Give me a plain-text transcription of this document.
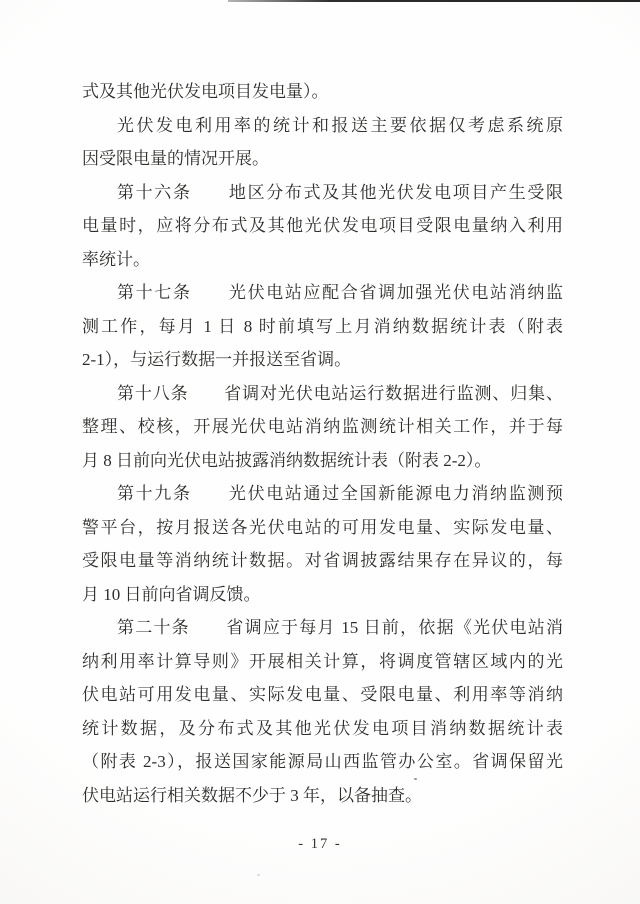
式及其他光伏发电项目发电量）。
光伏发电利用率的统计和报送主要依据仅考虑系统原
因受限电量的情况开展。
第十六条　　地区分布式及其他光伏发电项目产生受限
电量时，应将分布式及其他光伏发电项目受限电量纳入利用
率统计。
第十七条　　光伏电站应配合省调加强光伏电站消纳监
测工作，每月 1 日 8 时前填写上月消纳数据统计表（附表
2-1），与运行数据一并报送至省调。
第十八条　　省调对光伏电站运行数据进行监测、归集、
整理、校核，开展光伏电站消纳监测统计相关工作，并于每
月 8 日前向光伏电站披露消纳数据统计表（附表 2-2）。
第十九条　　光伏电站通过全国新能源电力消纳监测预
警平台，按月报送各光伏电站的可用发电量、实际发电量、
受限电量等消纳统计数据。对省调披露结果存在异议的，每
月 10 日前向省调反馈。
第二十条　　省调应于每月 15 日前，依据《光伏电站消
纳利用率计算导则》开展相关计算，将调度管辖区域内的光
伏电站可用发电量、实际发电量、受限电量、利用率等消纳
统计数据，及分布式及其他光伏发电项目消纳数据统计表
（附表 2-3），报送国家能源局山西监管办公室。省调保留光
伏电站运行相关数据不少于 3 年，以备抽查。
- 17 -
